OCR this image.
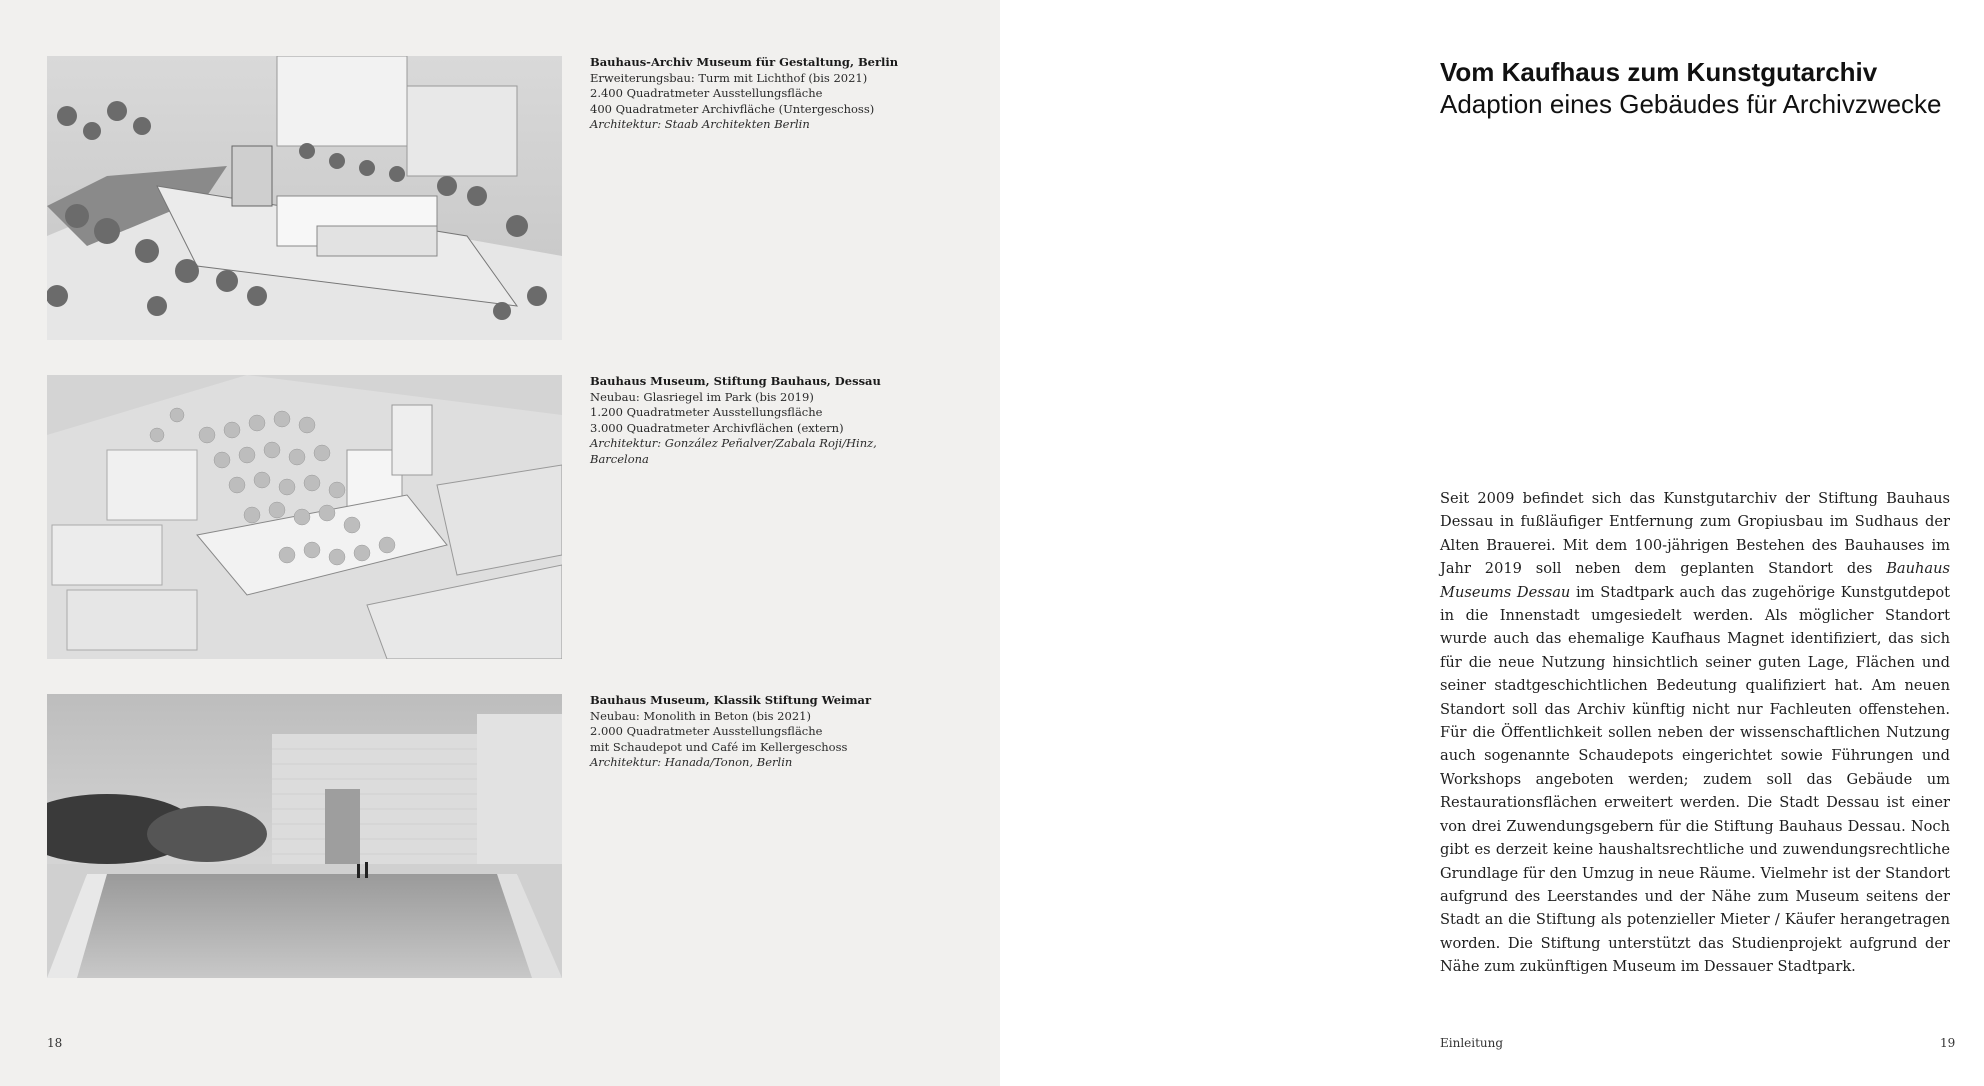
Bauhaus-Archiv Museum für Gestaltung, Berlin
Erweiterungsbau: Turm mit Lichthof (bis 2021)
2.400 Quadratmeter Ausstellungsfläche
400 Quadratmeter Archivfläche (Untergeschoss)
Architektur: Staab Architekten Berlin
Bauhaus Museum, Stiftung Bauhaus, Dessau
Neubau: Glasriegel im Park (bis 2019)
1.200 Quadratmeter Ausstellungsfläche
3.000 Quadratmeter Archivflächen (extern)
Architektur: González Peñalver/Zabala Roji/Hinz,
Barcelona
Bauhaus Museum, Klassik Stiftung Weimar
Neubau: Monolith in Beton (bis 2021)
2.000 Quadratmeter Ausstellungsfläche
mit Schaudepot und Café im Kellergeschoss
Architektur: Hanada/Tonon, Berlin
18
Vom Kaufhaus zum Kunstgutarchiv
Adaption eines Gebäudes für Archivzwecke
Seit 2009 befindet sich das Kunstgutarchiv der Stiftung Bauhaus Dessau in fußläufiger Entfernung zum Gropiusbau im Sudhaus der Alten Brauerei. Mit dem 100-jährigen Bestehen des Bauhauses im Jahr 2019 soll neben dem geplanten Standort des Bauhaus Museums Dessau im Stadtpark auch das zugehörige Kunstgutdepot in die Innenstadt umgesiedelt werden. Als möglicher Standort wurde auch das ehemalige Kaufhaus Magnet identifiziert, das sich für die neue Nutzung hinsichtlich seiner guten Lage, Flächen und seiner stadtgeschichtlichen Bedeutung qualifiziert hat. Am neuen Standort soll das Archiv künftig nicht nur Fachleuten offenstehen. Für die Öffentlichkeit sollen neben der wissenschaftlichen Nutzung auch sogenannte Schaudepots eingerichtet sowie Führungen und Workshops angeboten werden; zudem soll das Gebäude um Restaurationsflächen erweitert werden. Die Stadt Dessau ist einer von drei Zuwendungsgebern für die Stiftung Bauhaus Dessau. Noch gibt es derzeit keine haushaltsrechtliche und zuwendungsrechtliche Grundlage für den Umzug in neue Räume. Vielmehr ist der Standort aufgrund des Leerstandes und der Nähe zum Museum seitens der Stadt an die Stiftung als potenzieller Mieter / Käufer herangetragen worden. Die Stiftung unterstützt das Studienprojekt aufgrund der Nähe zum zukünftigen Museum im Dessauer Stadtpark.
Einleitung	19
